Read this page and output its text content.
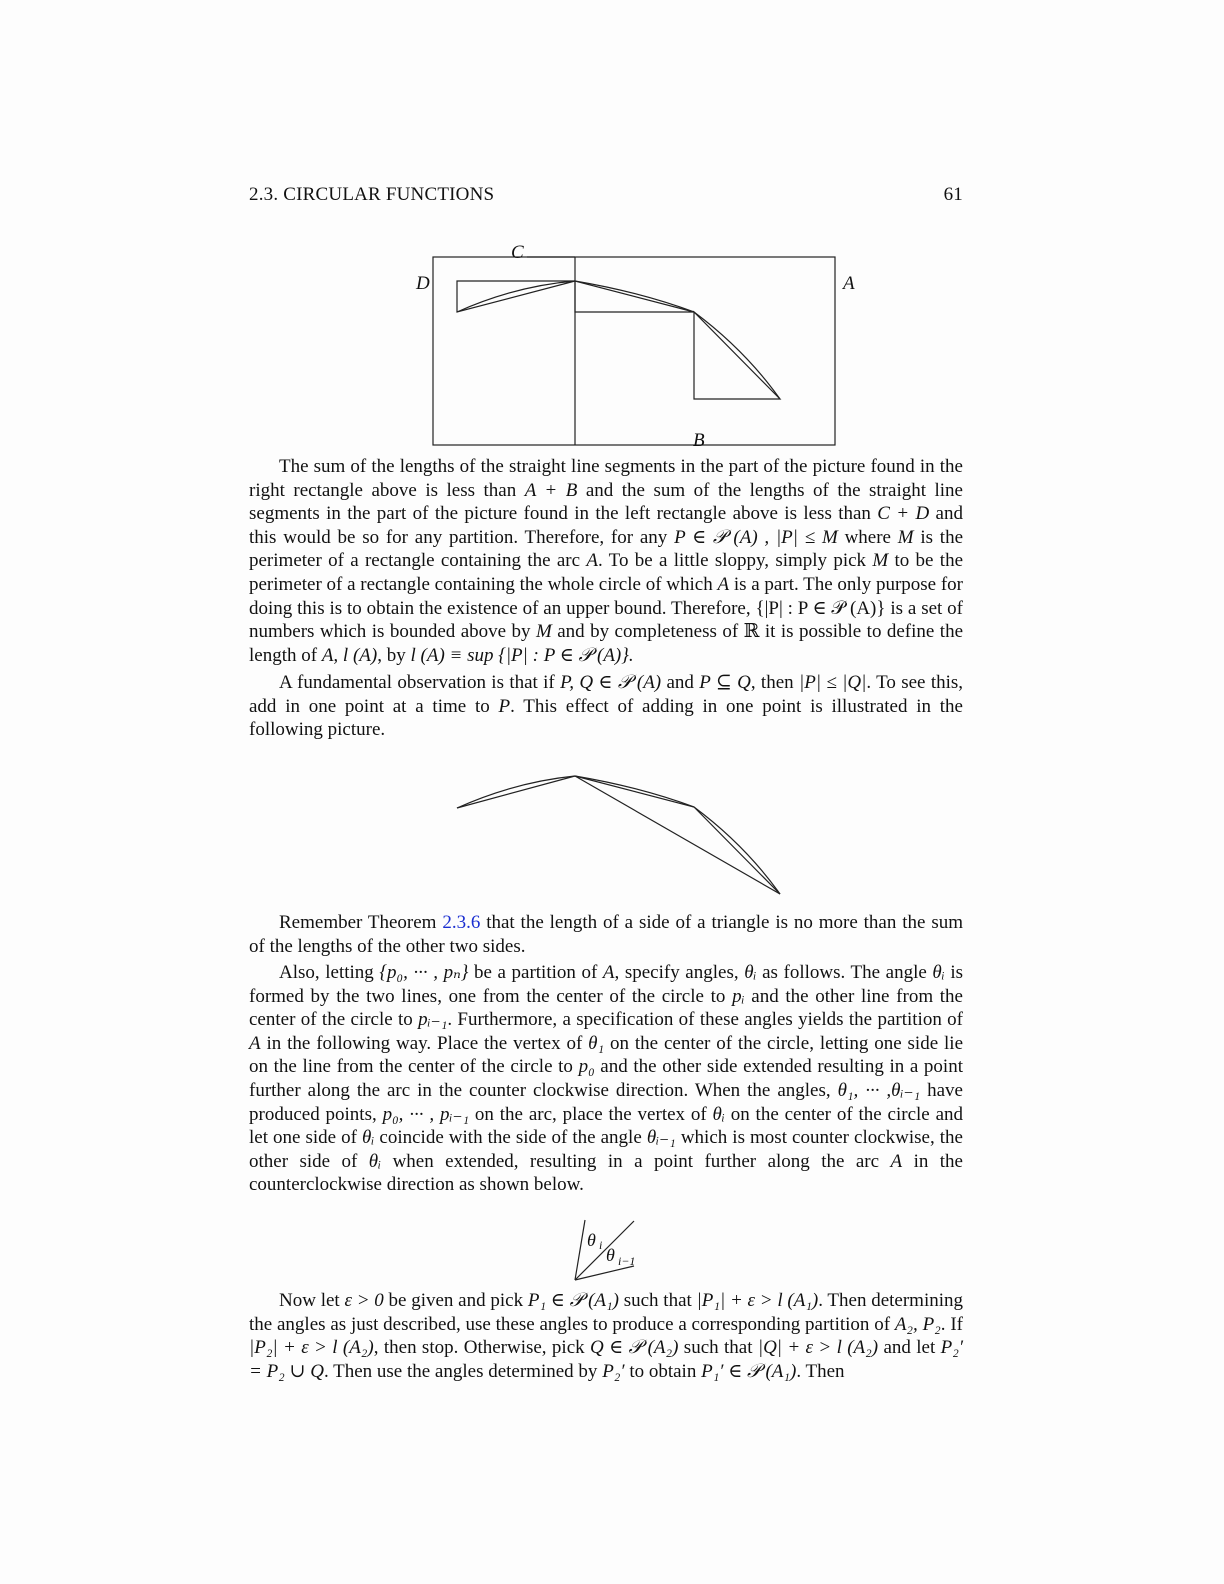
2.3. CIRCULAR FUNCTIONS	61
C
D	A
B

The sum of the lengths of the straight line segments in the part of the picture found in the right rectangle above is less than A + B and the sum of the lengths of the straight line segments in the part of the picture found in the left rectangle above is less than C + D and this would be so for any partition. Therefore, for any P ∈ 𝒫 (A) , |P| ≤ M where M is the perimeter of a rectangle containing the arc A. To be a little sloppy, simply pick M to be the perimeter of a rectangle containing the whole circle of which A is a part. The only purpose for doing this is to obtain the existence of an upper bound. Therefore, {|P| : P ∈ 𝒫 (A)} is a set of numbers which is bounded above by M and by completeness of ℝ it is possible to define the length of A, l (A), by l (A) ≡ sup {|P| : P ∈ 𝒫 (A)}.

A fundamental observation is that if P, Q ∈ 𝒫 (A) and P ⊆ Q, then |P| ≤ |Q|. To see this, add in one point at a time to P. This effect of adding in one point is illustrated in the following picture.

Remember Theorem 2.3.6 that the length of a side of a triangle is no more than the sum of the lengths of the other two sides.

Also, letting {p₀, ··· , pₙ} be a partition of A, specify angles, θᵢ as follows. The angle θᵢ is formed by the two lines, one from the center of the circle to pᵢ and the other line from the center of the circle to pᵢ₋₁. Furthermore, a specification of these angles yields the partition of A in the following way. Place the vertex of θ₁ on the center of the circle, letting one side lie on the line from the center of the circle to p₀ and the other side extended resulting in a point further along the arc in the counter clockwise direction. When the angles, θ₁, ··· ,θᵢ₋₁ have produced points, p₀, ··· , pᵢ₋₁ on the arc, place the vertex of θᵢ on the center of the circle and let one side of θᵢ coincide with the side of the angle θᵢ₋₁ which is most counter clockwise, the other side of θᵢ when extended, resulting in a point further along the arc A in the counterclockwise direction as shown below.

θ i θ i−1

Now let ε > 0 be given and pick P₁ ∈ 𝒫 (A₁) such that |P₁| + ε > l (A₁). Then determining the angles as just described, use these angles to produce a corresponding partition of A₂, P₂. If |P₂| + ε > l (A₂), then stop. Otherwise, pick Q ∈ 𝒫 (A₂) such that |Q| + ε > l (A₂) and let P₂′ = P₂ ∪ Q. Then use the angles determined by P₂′ to obtain P₁′ ∈ 𝒫 (A₁). Then
